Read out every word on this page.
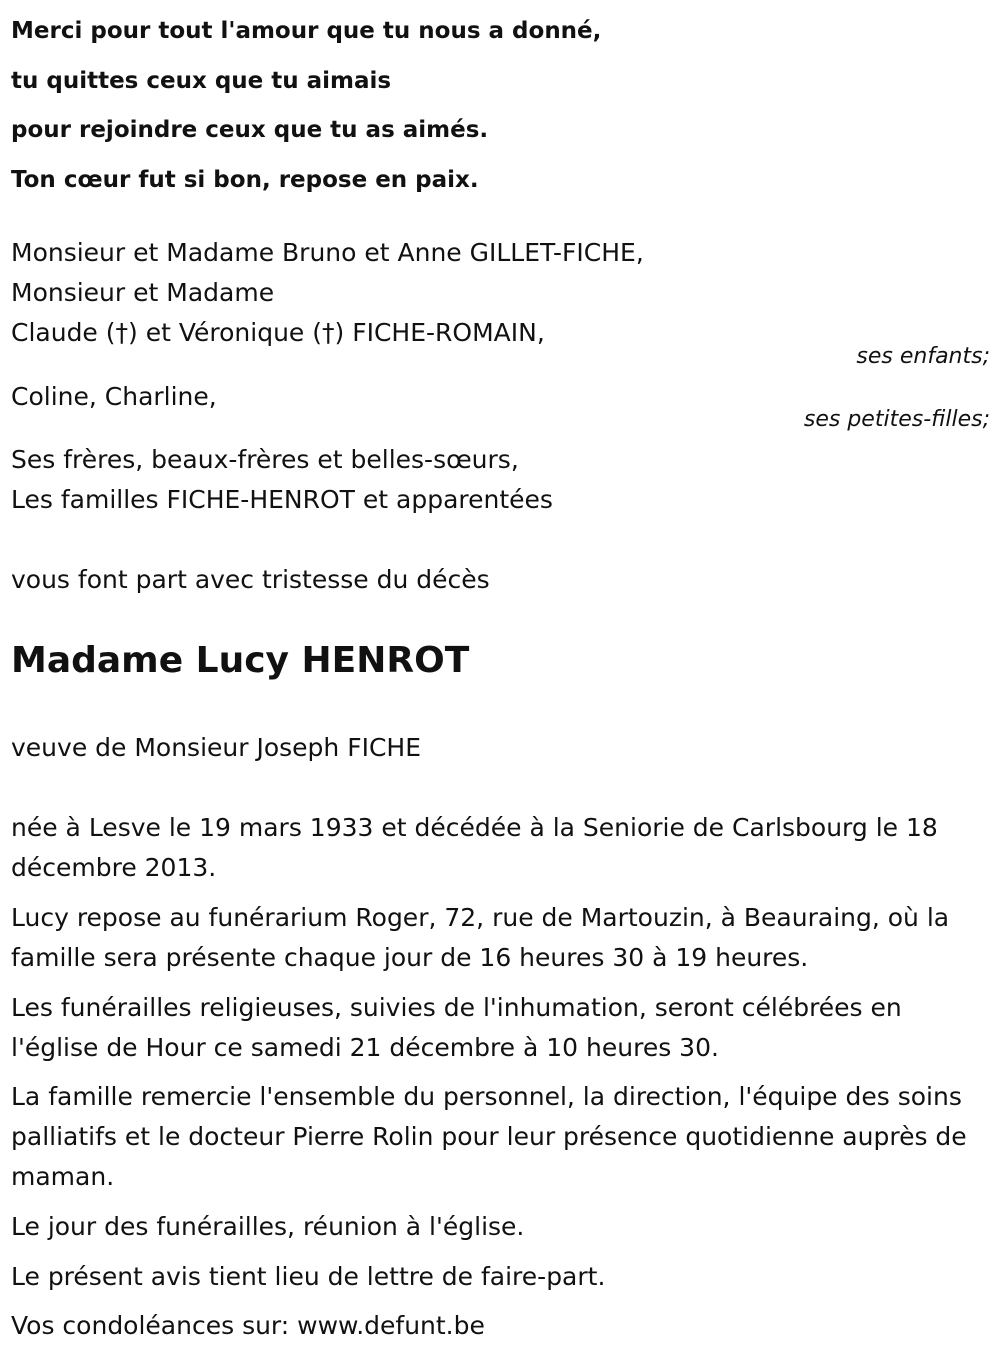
Merci pour tout l'amour que tu nous a donné,
tu quittes ceux que tu aimais
pour rejoindre ceux que tu as aimés.
Ton cœur fut si bon, repose en paix.
Monsieur et Madame Bruno et Anne GILLET-FICHE,
Monsieur et Madame
Claude (†) et Véronique (†) FICHE-ROMAIN,
ses enfants;
Coline, Charline,
ses petites-filles;
Ses frères, beaux-frères et belles-sœurs,
Les familles FICHE-HENROT et apparentées
vous font part avec tristesse du décès
Madame Lucy HENROT
veuve de Monsieur Joseph FICHE
née à Lesve le 19 mars 1933 et décédée à la Seniorie de Carlsbourg le 18 décembre 2013.
Lucy repose au funérarium Roger, 72, rue de Martouzin, à Beauraing, où la famille sera présente chaque jour de 16 heures 30 à 19 heures.
Les funérailles religieuses, suivies de l'inhumation, seront célébrées en l'église de Hour ce samedi 21 décembre à 10 heures 30.
La famille remercie l'ensemble du personnel, la direction, l'équipe des soins palliatifs et le docteur Pierre Rolin pour leur présence quotidienne auprès de maman.
Le jour des funérailles, réunion à l'église.
Le présent avis tient lieu de lettre de faire-part.
Vos condoléances sur: www.defunt.be
